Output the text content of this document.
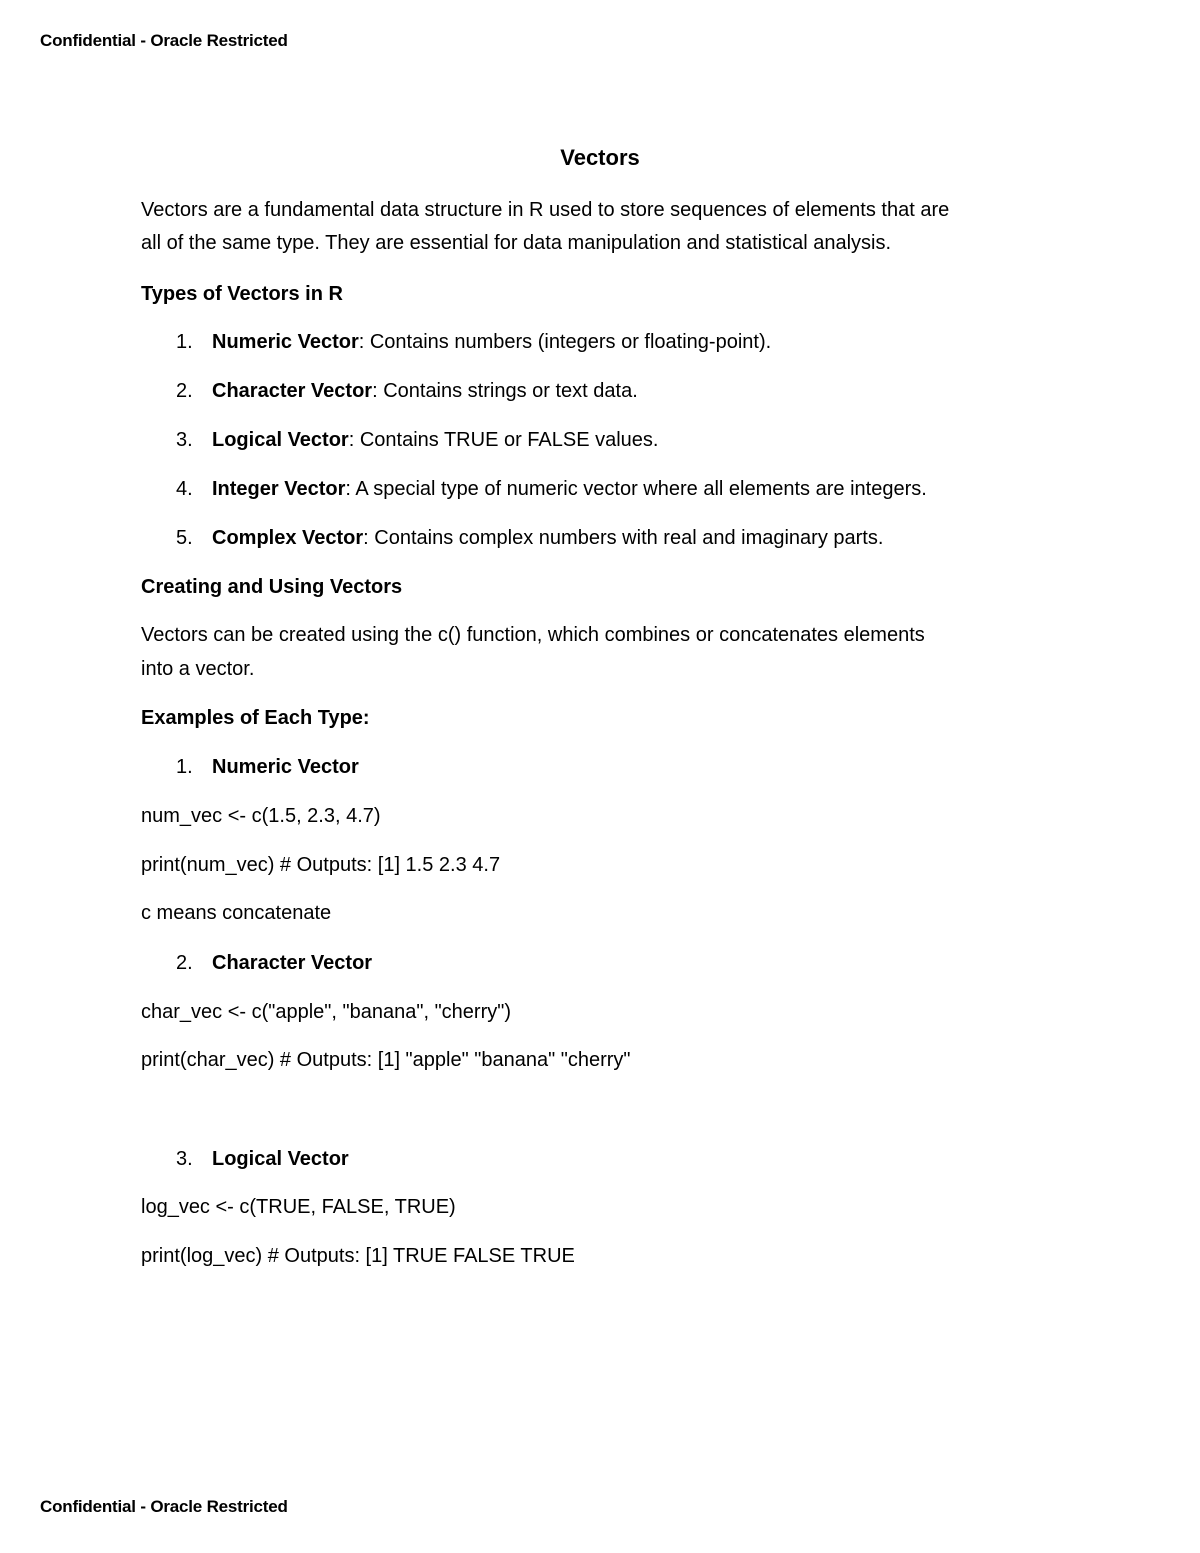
Confidential - Oracle Restricted
Vectors
Vectors are a fundamental data structure in R used to store sequences of elements that are
all of the same type. They are essential for data manipulation and statistical analysis.
Types of Vectors in R
1. Numeric Vector: Contains numbers (integers or floating-point).
2. Character Vector: Contains strings or text data.
3. Logical Vector: Contains TRUE or FALSE values.
4. Integer Vector: A special type of numeric vector where all elements are integers.
5. Complex Vector: Contains complex numbers with real and imaginary parts.
Creating and Using Vectors
Vectors can be created using the c() function, which combines or concatenates elements
into a vector.
Examples of Each Type:
1. Numeric Vector
num_vec <- c(1.5, 2.3, 4.7)
print(num_vec) # Outputs: [1] 1.5 2.3 4.7
c means concatenate
2. Character Vector
char_vec <- c("apple", "banana", "cherry")
print(char_vec) # Outputs: [1] "apple" "banana" "cherry"
3. Logical Vector
log_vec <- c(TRUE, FALSE, TRUE)
print(log_vec) # Outputs: [1] TRUE FALSE TRUE
Confidential - Oracle Restricted
